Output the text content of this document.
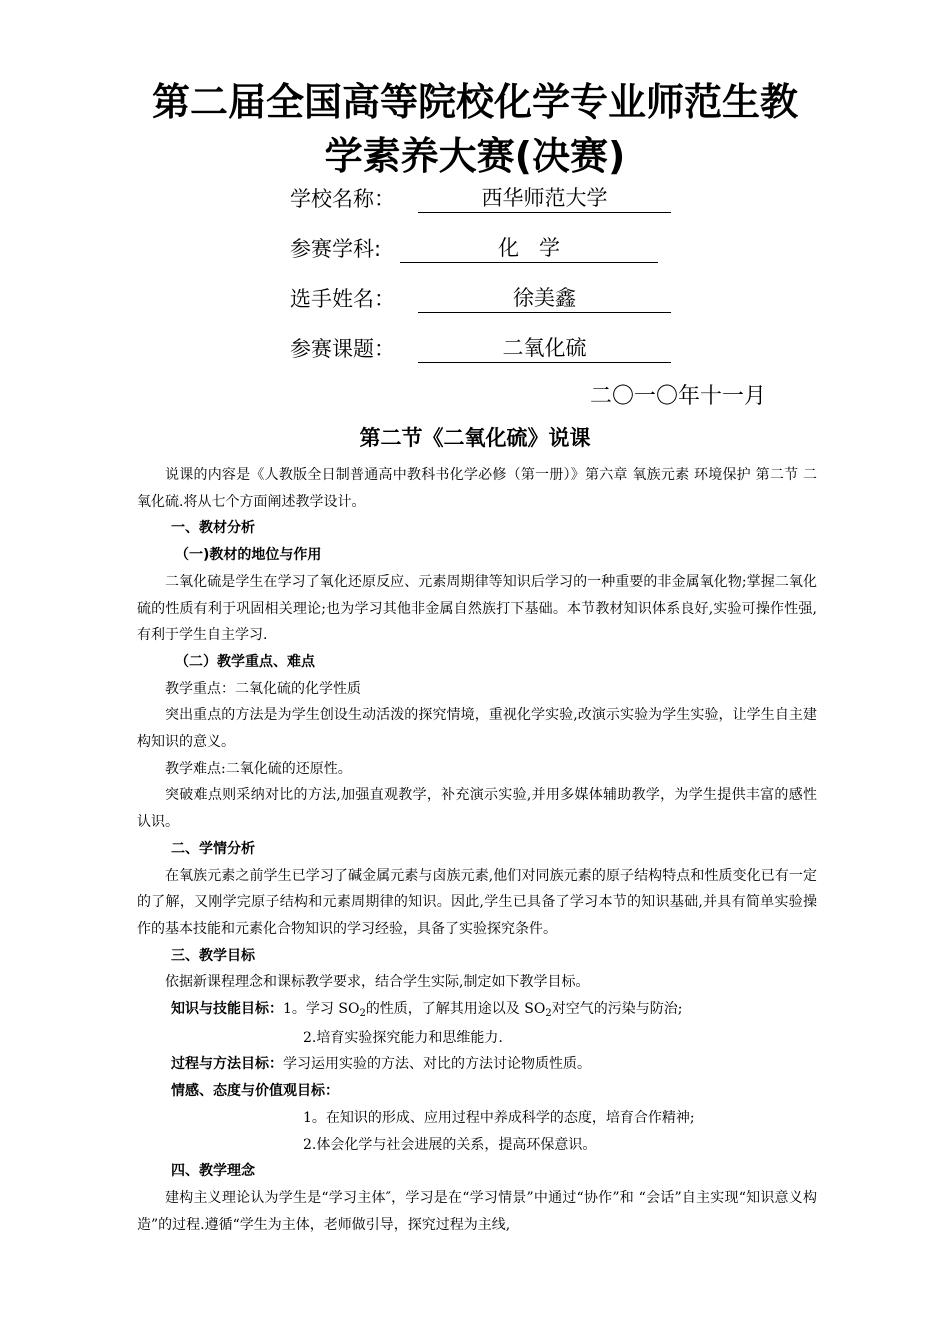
第二届全国高等院校化学专业师范生教
学素养大赛(决赛)
学校名称：	西华师范大学
参赛学科:	化   学
选手姓名：	徐美鑫
参赛课题：	二氧化硫
二〇一〇年十一月
第二节《二氧化硫》说课

说课的内容是《人教版全日制普通高中教科书化学必修（第一册）》第六章 氧族元素 环境保护 第二节 二氧化硫.将从七个方面阐述教学设计。

一、教材分析

（一)教材的地位与作用

二氧化硫是学生在学习了氧化还原反应、元素周期律等知识后学习的一种重要的非金属氧化物;掌握二氧化硫的性质有利于巩固相关理论;也为学习其他非金属自然族打下基础。本节教材知识体系良好,实验可操作性强,有利于学生自主学习.

（二）教学重点、难点

教学重点：二氧化硫的化学性质

突出重点的方法是为学生创设生动活泼的探究情境，重视化学实验,改演示实验为学生实验，让学生自主建构知识的意义。

教学难点:二氧化硫的还原性。

突破难点则采纳对比的方法,加强直观教学，补充演示实验,并用多媒体辅助教学，为学生提供丰富的感性认识。

二、学情分析

在氧族元素之前学生已学习了碱金属元素与卤族元素,他们对同族元素的原子结构特点和性质变化已有一定的了解，又刚学完原子结构和元素周期律的知识。因此,学生已具备了学习本节的知识基础,并具有简单实验操作的基本技能和元素化合物知识的学习经验，具备了实验探究条件。

三、教学目标

依据新课程理念和课标教学要求，结合学生实际,制定如下教学目标。

知识与技能目标：1。学习 $SO_2$的性质，了解其用途以及 $SO_2$对空气的污染与防治;

2.培育实验探究能力和思维能力.

过程与方法目标：学习运用实验的方法、对比的方法讨论物质性质。

情感、态度与价值观目标：

1。在知识的形成、应用过程中养成科学的态度，培育合作精神;

2.体会化学与社会进展的关系，提高环保意识。

四、教学理念

建构主义理论认为学生是“学习主体″，学习是在“学习情景”中通过“协作”和 “会话”自主实现“知识意义构造”的过程.遵循“学生为主体，老师做引导，探究过程为主线,
